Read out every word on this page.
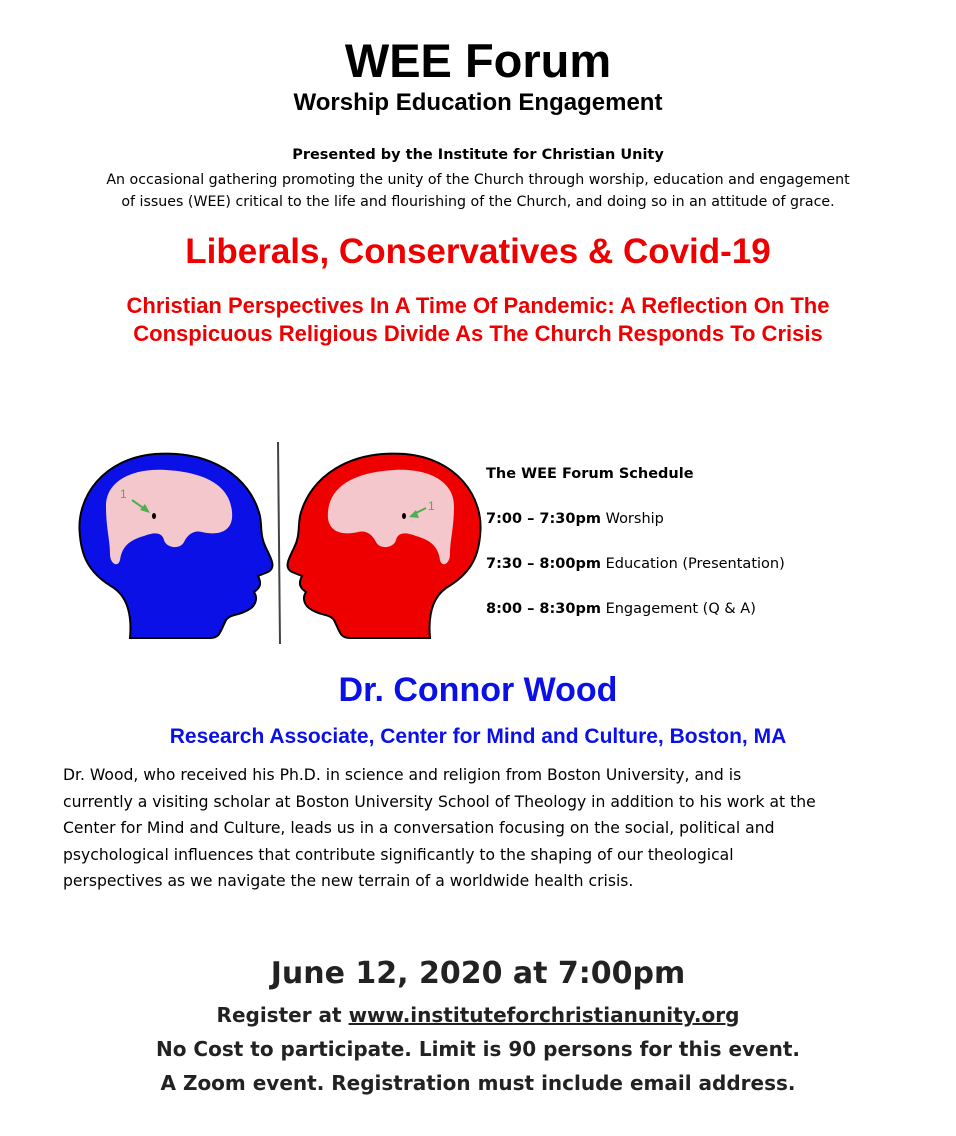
WEE Forum
Worship Education Engagement
Presented by the Institute for Christian Unity
An occasional gathering promoting the unity of the Church through worship, education and engagement
of issues (WEE) critical to the life and flourishing of the Church, and doing so in an attitude of grace.
Liberals, Conservatives & Covid-19
Christian Perspectives In A Time Of Pandemic: A Reflection On The
Conspicuous Religious Divide As The Church Responds To Crisis
1
1
The WEE Forum Schedule
7:00 – 7:30pm Worship
7:30 – 8:00pm Education (Presentation)
8:00 – 8:30pm Engagement (Q & A)
Dr. Connor Wood
Research Associate, Center for Mind and Culture, Boston, MA
Dr. Wood, who received his Ph.D. in science and religion from Boston University, and is
currently a visiting scholar at Boston University School of Theology in addition to his work at the
Center for Mind and Culture, leads us in a conversation focusing on the social, political and
psychological influences that contribute significantly to the shaping of our theological
perspectives as we navigate the new terrain of a worldwide health crisis.
June 12, 2020 at 7:00pm
Register at www.instituteforchristianunity.org
No Cost to participate. Limit is 90 persons for this event.
A Zoom event. Registration must include email address.
